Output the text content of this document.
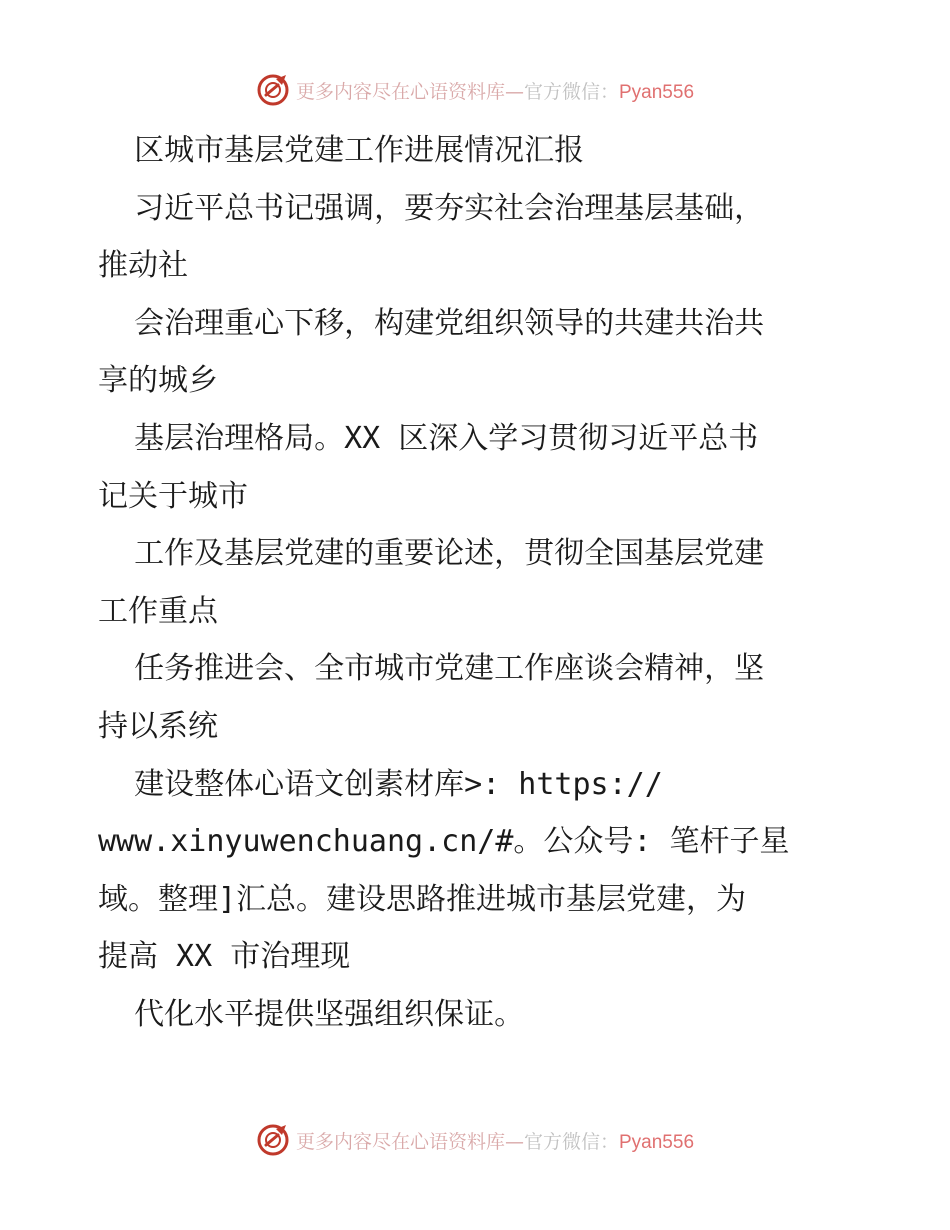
更多内容尽在心语资料库—官方微信：Pyan556
区城市基层党建工作进展情况汇报
习近平总书记强调，要夯实社会治理基层基础，
推动社
会治理重心下移，构建党组织领导的共建共治共
享的城乡
基层治理格局。XX 区深入学习贯彻习近平总书
记关于城市
工作及基层党建的重要论述，贯彻全国基层党建
工作重点
任务推进会、全市城市党建工作座谈会精神，坚
持以系统
建设整体心语文创素材库>: https://
www.xinyuwenchuang.cn/#。公众号: 笔杆子星
域。整理]汇总。建设思路推进城市基层党建，为
提高 XX 市治理现
代化水平提供坚强组织保证。
更多内容尽在心语资料库—官方微信：Pyan556
